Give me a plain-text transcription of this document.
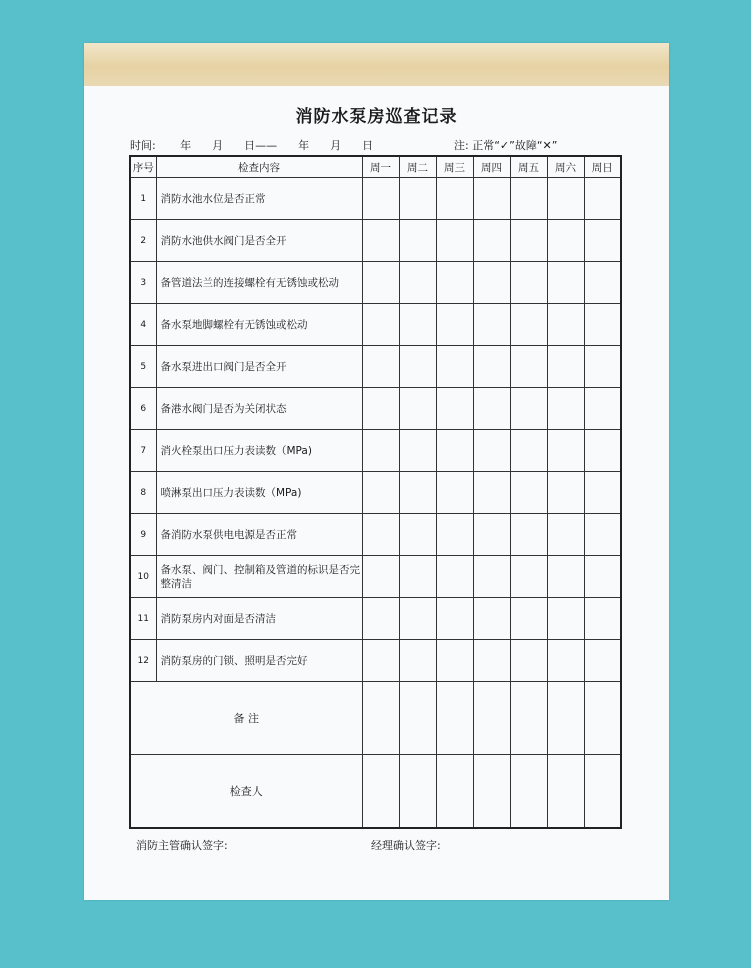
消防水泵房巡查记录
时间:       年      月      日——      年      月      日	注: 正常“✓”故障“✕”
序号	检查内容	周一	周二	周三	周四	周五	周六	周日
1	消防水池水位是否正常							
2	消防水池供水阀门是否全开							
3	备管道法兰的连接螺栓有无锈蚀或松动							
4	备水泵地脚螺栓有无锈蚀或松动							
5	备水泵进出口阀门是否全开							
6	备港水阀门是否为关闭状态							
7	消火栓泵出口压力表读数（MPa)							
8	喷淋泵出口压力表读数（MPa)							
9	备消防水泵供电电源是否正常							
10	备水泵、阀门、控制箱及管道的标识是否完整清洁							
11	消防泵房内对面是否清洁							
12	消防泵房的门锁、照明是否完好							
备 注								
检查人								
消防主管确认签字:	经理确认签字:
